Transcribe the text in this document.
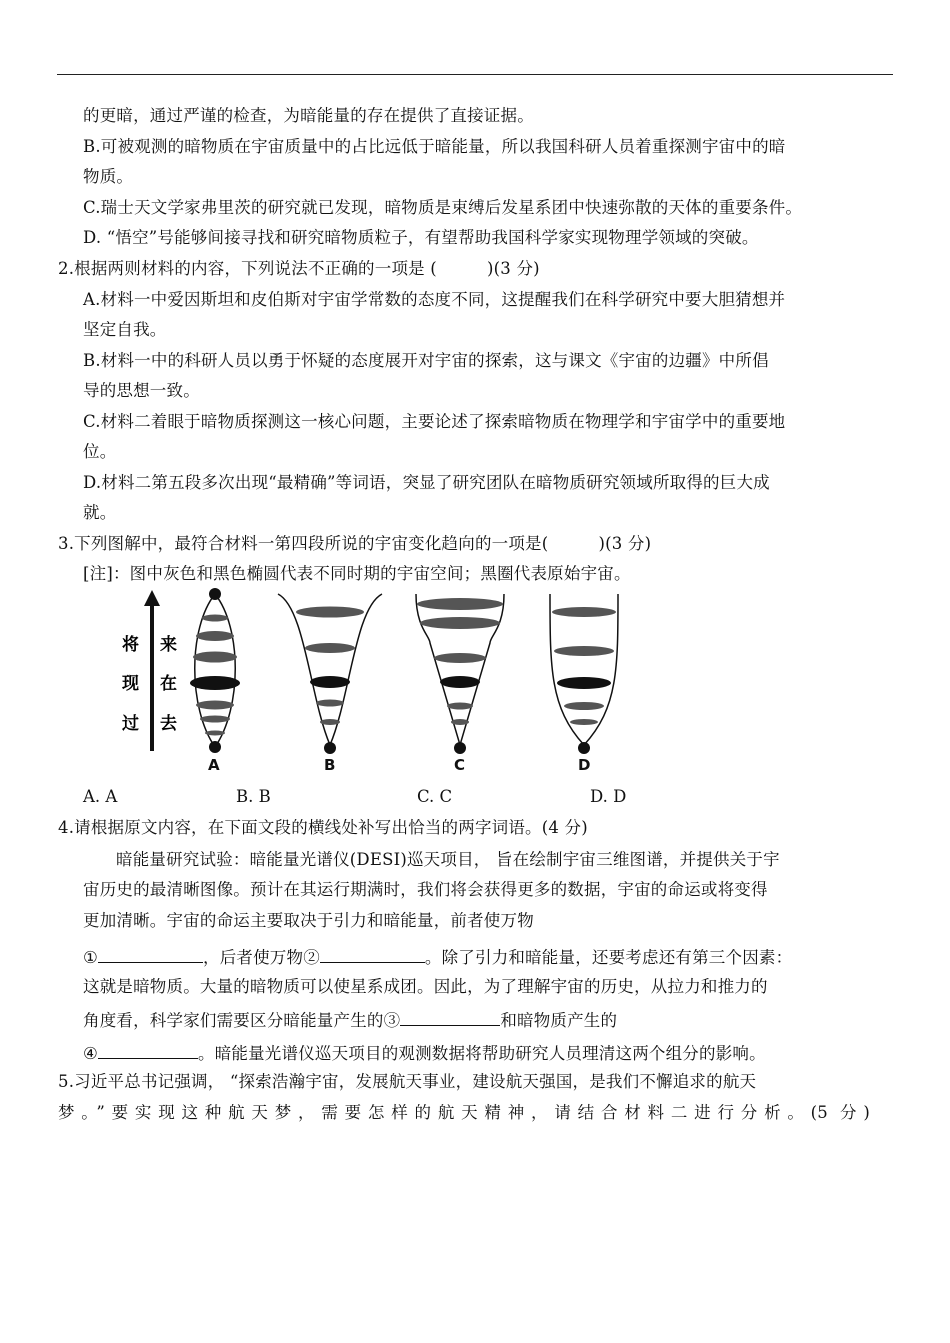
的更暗，通过严谨的检查，为暗能量的存在提供了直接证据。
B.可被观测的暗物质在宇宙质量中的占比远低于暗能量，所以我国科研人员着重探测宇宙中的暗
物质。
C.瑞士天文学家弗里茨的研究就已发现，暗物质是束缚后发星系团中快速弥散的天体的重要条件。
D. “悟空”号能够间接寻找和研究暗物质粒子，有望帮助我国科学家实现物理学领域的突破。
2.根据两则材料的内容，下列说法不正确的一项是 (　　　)(3 分)
A.材料一中爱因斯坦和皮伯斯对宇宙学常数的态度不同，这提醒我们在科学研究中要大胆猜想并
坚定自我。
B.材料一中的科研人员以勇于怀疑的态度展开对宇宙的探索，这与课文《宇宙的边疆》中所倡
导的思想一致。
C.材料二着眼于暗物质探测这一核心问题，主要论述了探索暗物质在物理学和宇宙学中的重要地
位。
D.材料二第五段多次出现“最精确”等词语，突显了研究团队在暗物质研究领域所取得的巨大成
就。
3.下列图解中，最符合材料一第四段所说的宇宙变化趋向的一项是(　　　)(3 分)
[注]：图中灰色和黑色椭圆代表不同时期的宇宙空间；黑圈代表原始宇宙。
将 来
现 在
过 去
A	B	C	D
A. A	B. B	C. C	D. D
4.请根据原文内容，在下面文段的横线处补写出恰当的两字词语。(4 分)
暗能量研究试验：暗能量光谱仪(DESI)巡天项目， 旨在绘制宇宙三维图谱，并提供关于宇
宙历史的最清晰图像。预计在其运行期满时，我们将会获得更多的数据，宇宙的命运或将变得
更加清晰。宇宙的命运主要取决于引力和暗能量，前者使万物
①	，后者使万物②	。除了引力和暗能量，还要考虑还有第三个因素：
这就是暗物质。大量的暗物质可以使星系成团。因此，为了理解宇宙的历史，从拉力和推力的
角度看，科学家们需要区分暗能量产生的③	和暗物质产生的
④	。暗能量光谱仪巡天项目的观测数据将帮助研究人员理清这两个组分的影响。
5.习近平总书记强调， “探索浩瀚宇宙，发展航天事业，建设航天强国，是我们不懈追求的航天
梦。”要实现这种航天梦，需要怎样的航天精神，请结合材料二进行分析。(5 分)
